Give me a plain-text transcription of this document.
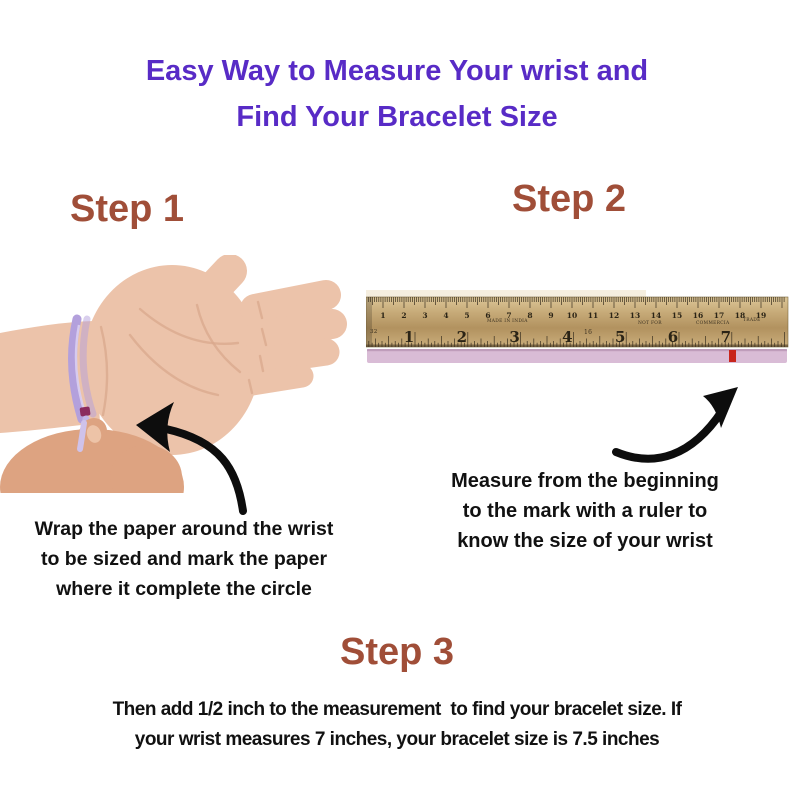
Easy Way to Measure Your wrist and
Find Your Bracelet Size
Step 1	Step 2
1 2 3 4 5 6 7 8 9 10 11 12 13 14 15 16 17 18 19
1	2	3	4	5	6	7
32
MADE IN INDIA
16
NOT FOR	COMMERCIA
TRADE
Wrap the paper around the wrist
to be sized and mark the paper
where it complete the circle
Measure from the beginning
to the mark with a ruler to
know the size of your wrist
Step 3
Then add 1/2 inch to the measurement  to find your bracelet size. If
your wrist measures 7 inches, your bracelet size is 7.5 inches
